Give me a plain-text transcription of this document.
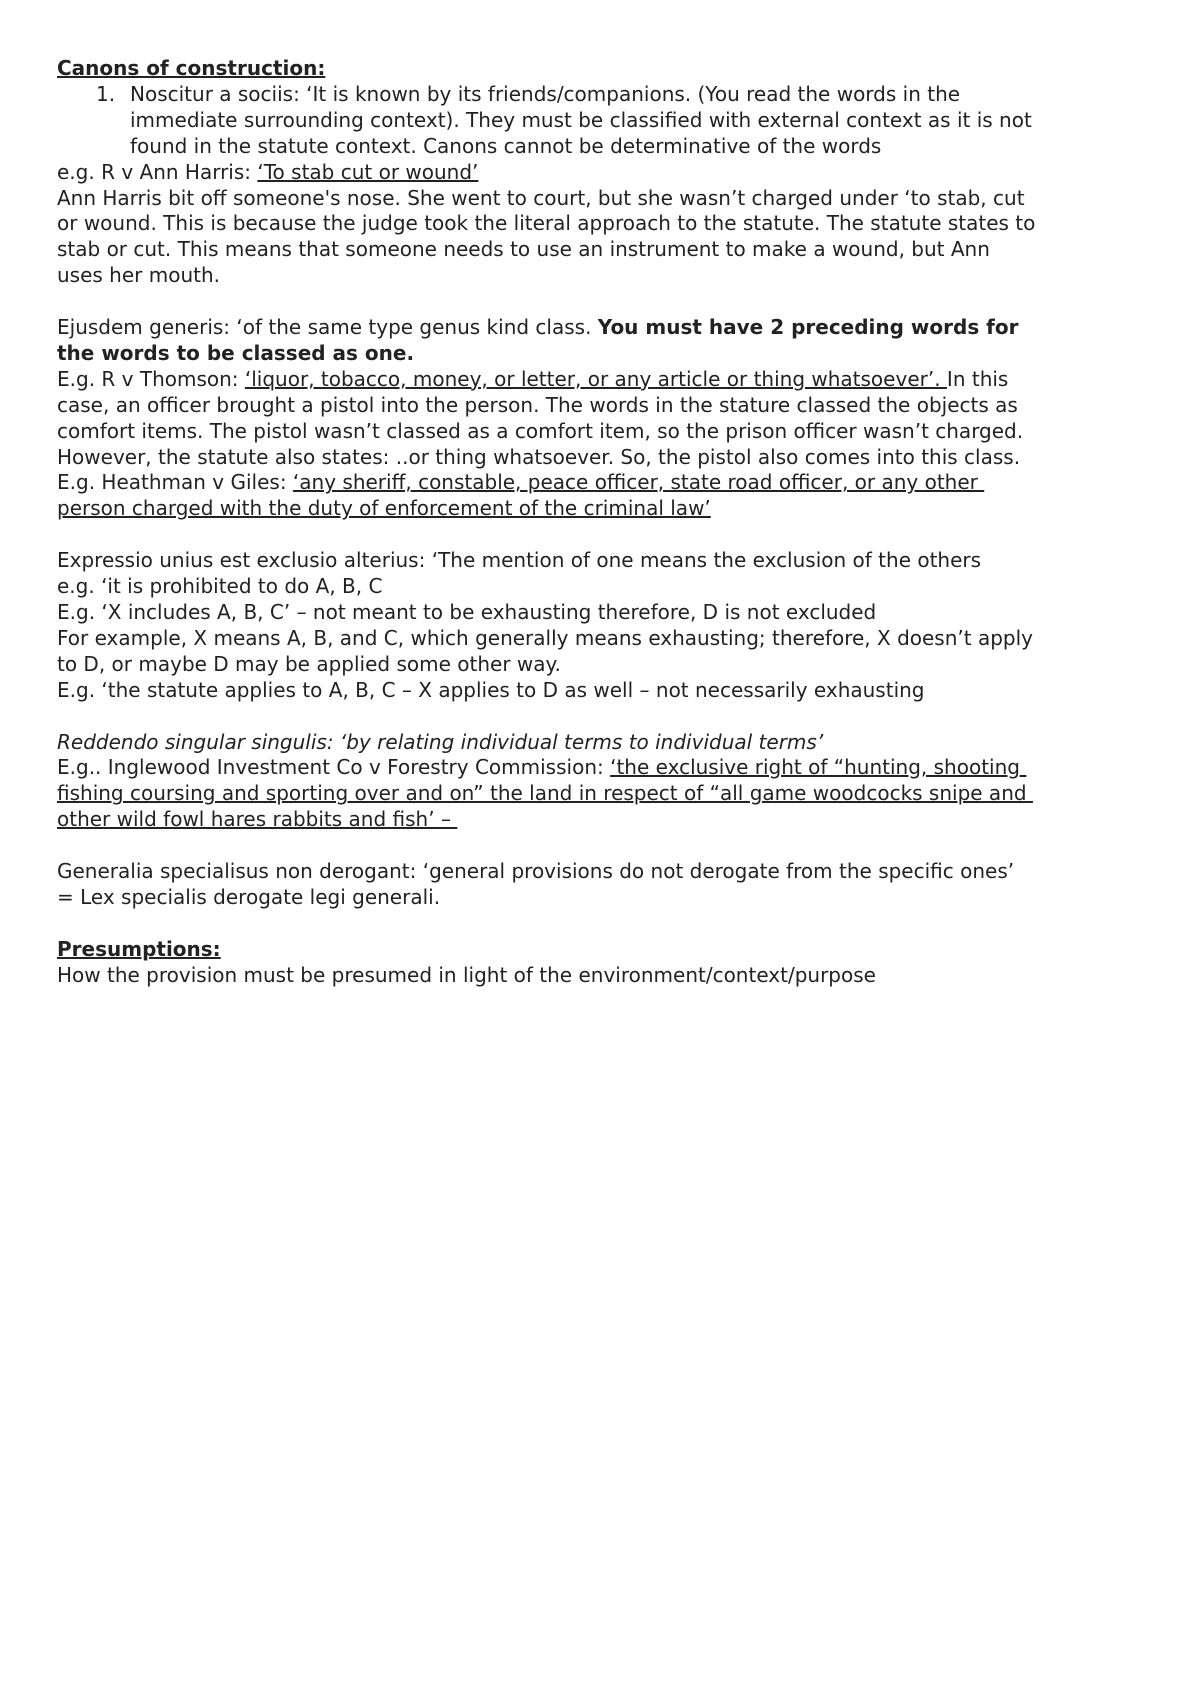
Canons of construction:
1. Noscitur a sociis: ‘It is known by its friends/companions. (You read the words in the
immediate surrounding context). They must be classified with external context as it is not
found in the statute context. Canons cannot be determinative of the words
e.g. R v Ann Harris: ‘To stab cut or wound’
Ann Harris bit off someone's nose. She went to court, but she wasn’t charged under ‘to stab, cut
or wound. This is because the judge took the literal approach to the statute. The statute states to
stab or cut. This means that someone needs to use an instrument to make a wound, but Ann
uses her mouth.
Ejusdem generis: ‘of the same type genus kind class. You must have 2 preceding words for
the words to be classed as one.
E.g. R v Thomson: ‘liquor, tobacco, money, or letter, or any article or thing whatsoever’. In this
case, an officer brought a pistol into the person. The words in the stature classed the objects as
comfort items. The pistol wasn’t classed as a comfort item, so the prison officer wasn’t charged.
However, the statute also states: ..or thing whatsoever. So, the pistol also comes into this class.
E.g. Heathman v Giles: ‘any sheriff, constable, peace officer, state road officer, or any other
person charged with the duty of enforcement of the criminal law’
Expressio unius est exclusio alterius: ‘The mention of one means the exclusion of the others
e.g. ‘it is prohibited to do A, B, C
E.g. ‘X includes A, B, C’ – not meant to be exhausting therefore, D is not excluded
For example, X means A, B, and C, which generally means exhausting; therefore, X doesn’t apply
to D, or maybe D may be applied some other way.
E.g. ‘the statute applies to A, B, C – X applies to D as well – not necessarily exhausting
Reddendo singular singulis: ‘by relating individual terms to individual terms’
E.g.. Inglewood Investment Co v Forestry Commission: ‘the exclusive right of “hunting, shooting
fishing coursing and sporting over and on” the land in respect of “all game woodcocks snipe and
other wild fowl hares rabbits and fish’ –
Generalia specialisus non derogant: ‘general provisions do not derogate from the specific ones’
= Lex specialis derogate legi generali.
Presumptions:
How the provision must be presumed in light of the environment/context/purpose
